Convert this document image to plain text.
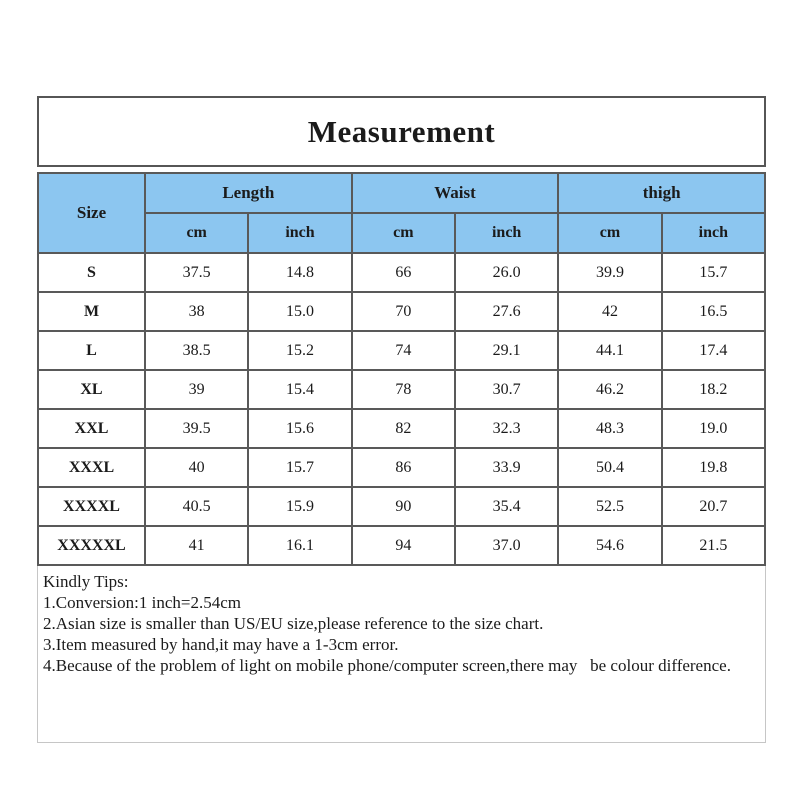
Measurement
Size	Length		Waist		thigh	
	cm	inch	cm	inch	cm	inch
S	37.5	14.8	66	26.0	39.9	15.7
M	38	15.0	70	27.6	42	16.5
L	38.5	15.2	74	29.1	44.1	17.4
XL	39	15.4	78	30.7	46.2	18.2
XXL	39.5	15.6	82	32.3	48.3	19.0
XXXL	40	15.7	86	33.9	50.4	19.8
XXXXL	40.5	15.9	90	35.4	52.5	20.7
XXXXXL	41	16.1	94	37.0	54.6	21.5
Kindly Tips:
1.Conversion:1 inch=2.54cm
2.Asian size is smaller than US/EU size,please reference to the size chart.
3.Item measured by hand,it may have a 1-3cm error.
4.Because of the problem of light on mobile phone/computer screen,there may   be colour difference.
